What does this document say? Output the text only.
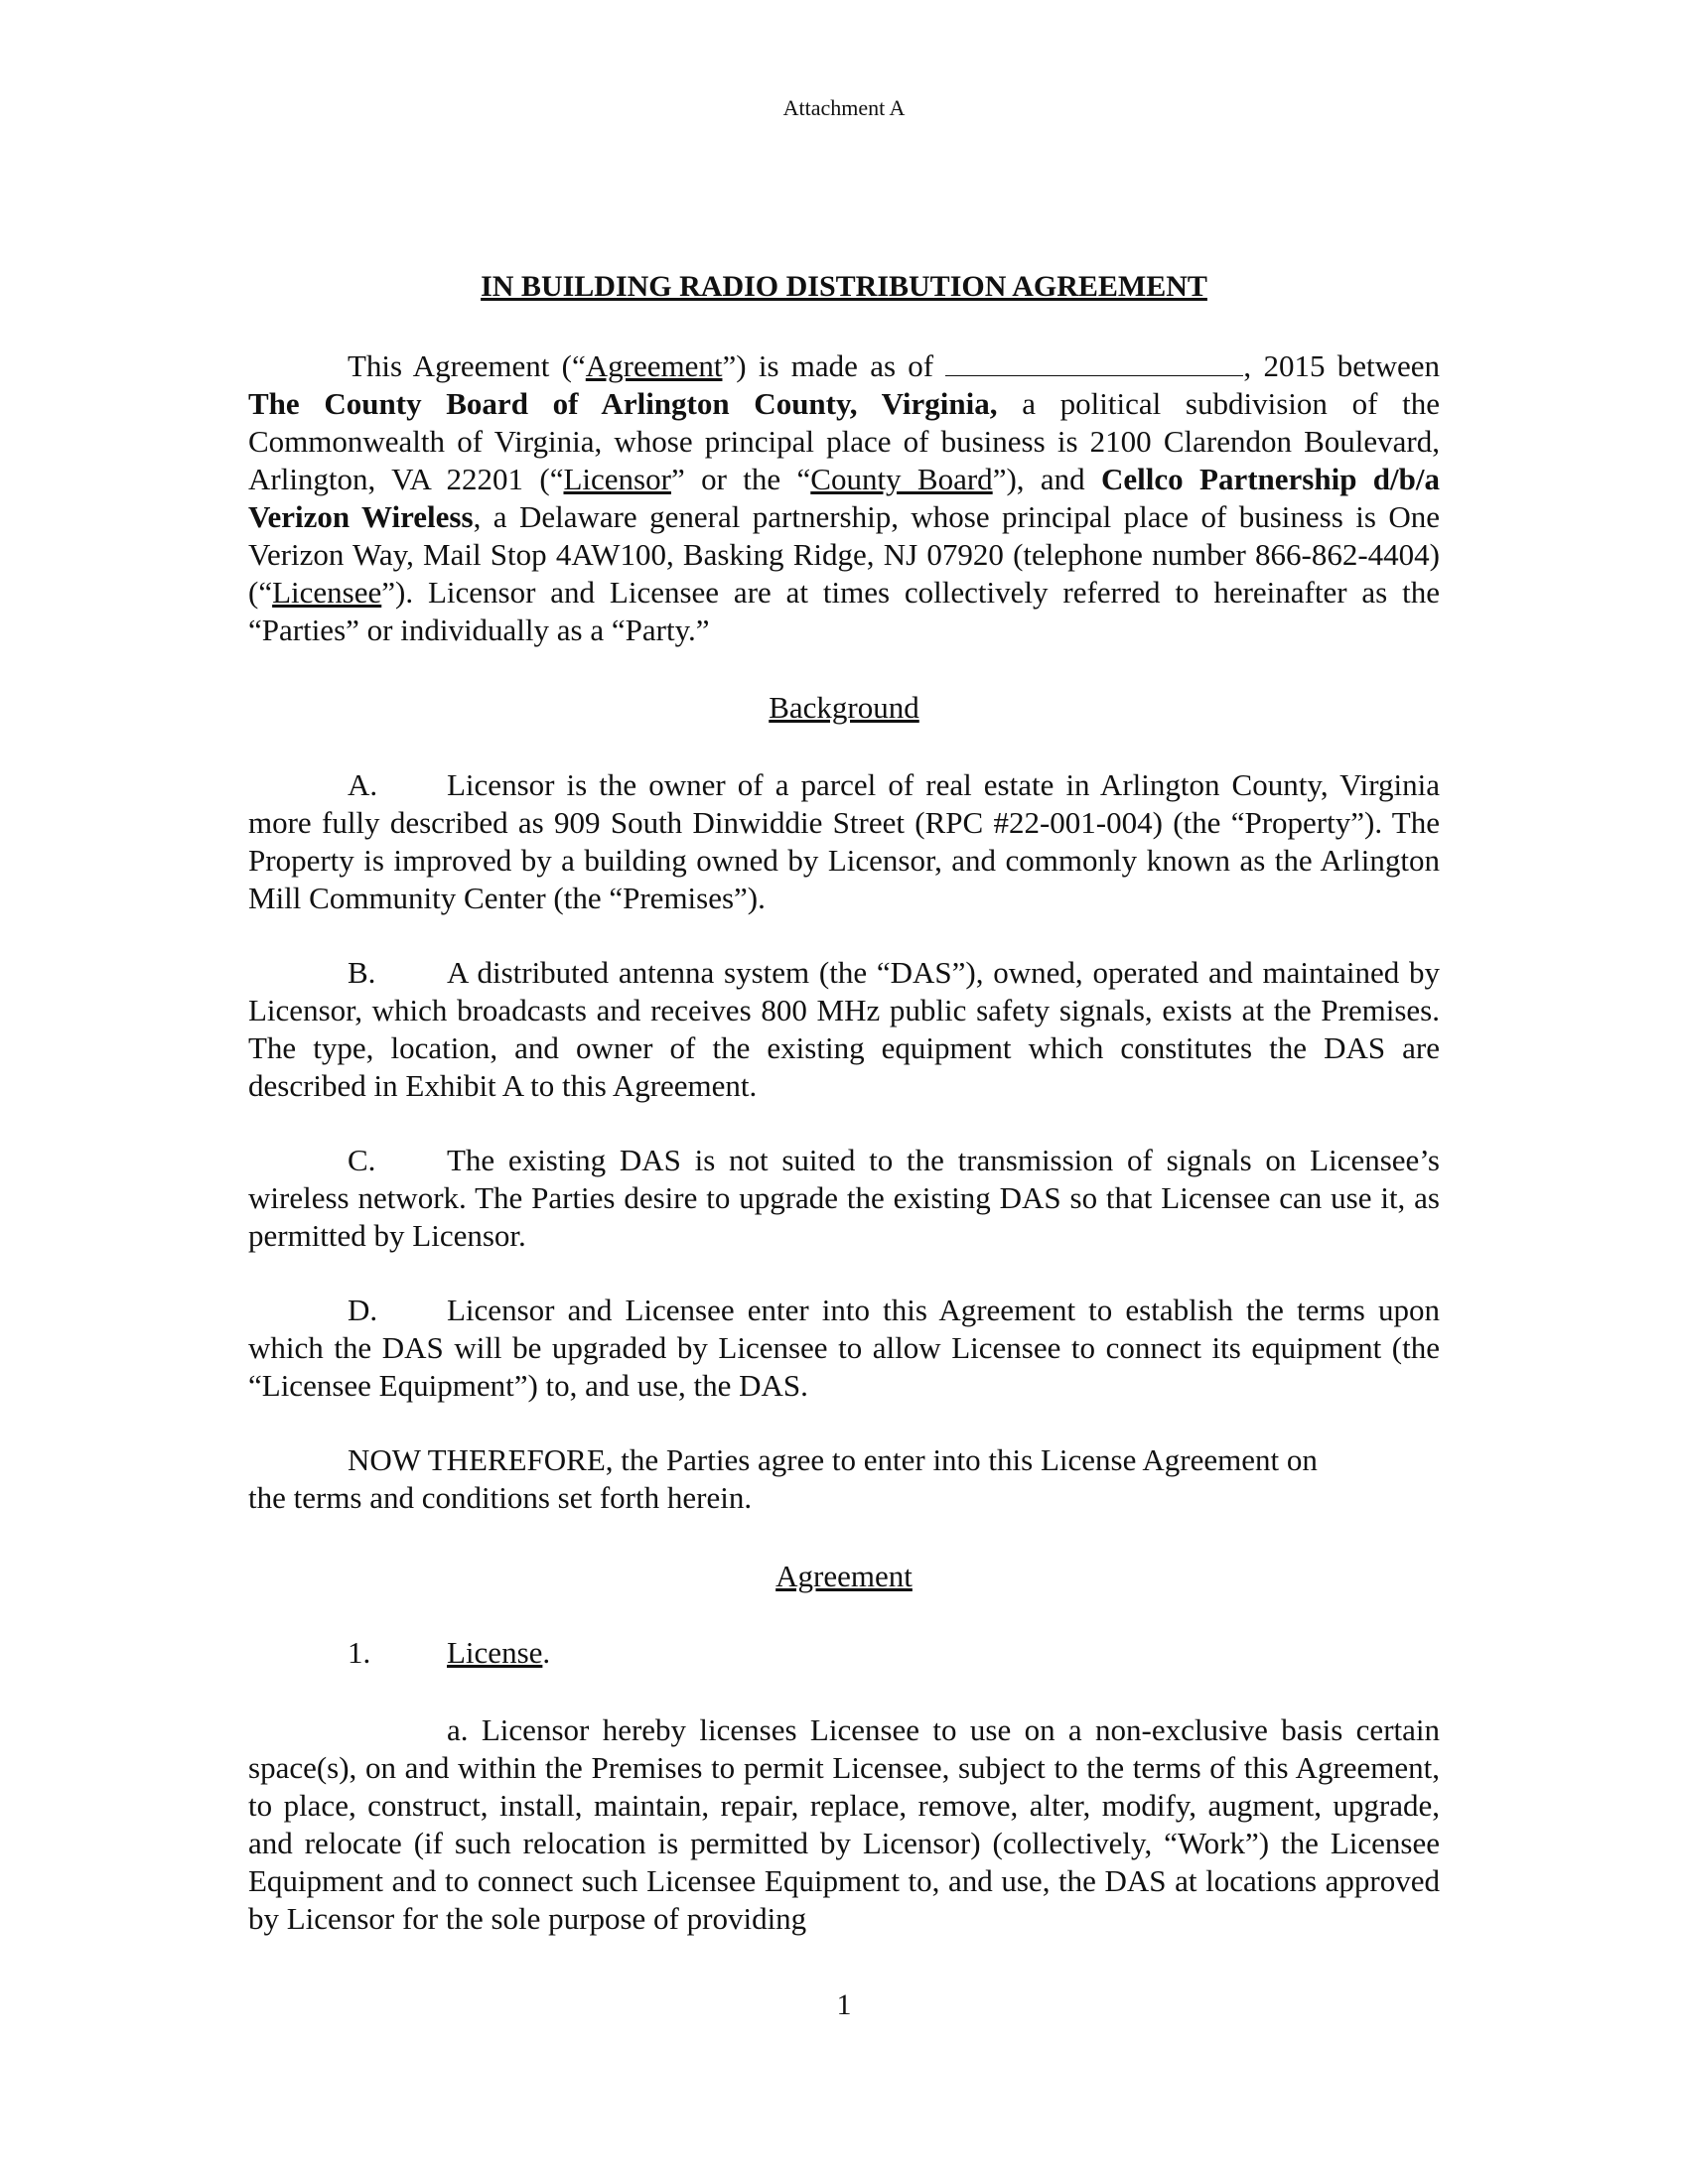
Attachment A
IN BUILDING RADIO DISTRIBUTION AGREEMENT

This Agreement (“Agreement”) is made as of	, 2015 between The County Board of Arlington County, Virginia, a political subdivision of the Commonwealth of Virginia, whose principal place of business is 2100 Clarendon Boulevard, Arlington, VA 22201 (“Licensor” or the “County Board”), and Cellco Partnership d/b/a Verizon Wireless, a Delaware general partnership, whose principal place of business is One Verizon Way, Mail Stop 4AW100, Basking Ridge, NJ 07920 (telephone number 866-862-4404) (“Licensee”). Licensor and Licensee are at times collectively referred to hereinafter as the “Parties” or individually as a “Party.”

Background

A. Licensor is the owner of a parcel of real estate in Arlington County, Virginia more fully described as 909 South Dinwiddie Street (RPC #22-001-004) (the “Property”). The Property is improved by a building owned by Licensor, and commonly known as the Arlington Mill Community Center (the “Premises”).

B. A distributed antenna system (the “DAS”), owned, operated and maintained by Licensor, which broadcasts and receives 800 MHz public safety signals, exists at the Premises. The type, location, and owner of the existing equipment which constitutes the DAS are described in Exhibit A to this Agreement.

C. The existing DAS is not suited to the transmission of signals on Licensee’s wireless network. The Parties desire to upgrade the existing DAS so that Licensee can use it, as permitted by Licensor.

D. Licensor and Licensee enter into this Agreement to establish the terms upon which the DAS will be upgraded by Licensee to allow Licensee to connect its equipment (the “Licensee Equipment”) to, and use, the DAS.

NOW THEREFORE, the Parties agree to enter into this License Agreement on
the terms and conditions set forth herein.
Agreement
1. License.

a. Licensor hereby licenses Licensee to use on a non-exclusive basis certain space(s), on and within the Premises to permit Licensee, subject to the terms of this Agreement, to place, construct, install, maintain, repair, replace, remove, alter, modify, augment, upgrade, and relocate (if such relocation is permitted by Licensor) (collectively, “Work”) the Licensee Equipment and to connect such Licensee Equipment to, and use, the DAS at locations approved by Licensor for the sole purpose of providing

1
